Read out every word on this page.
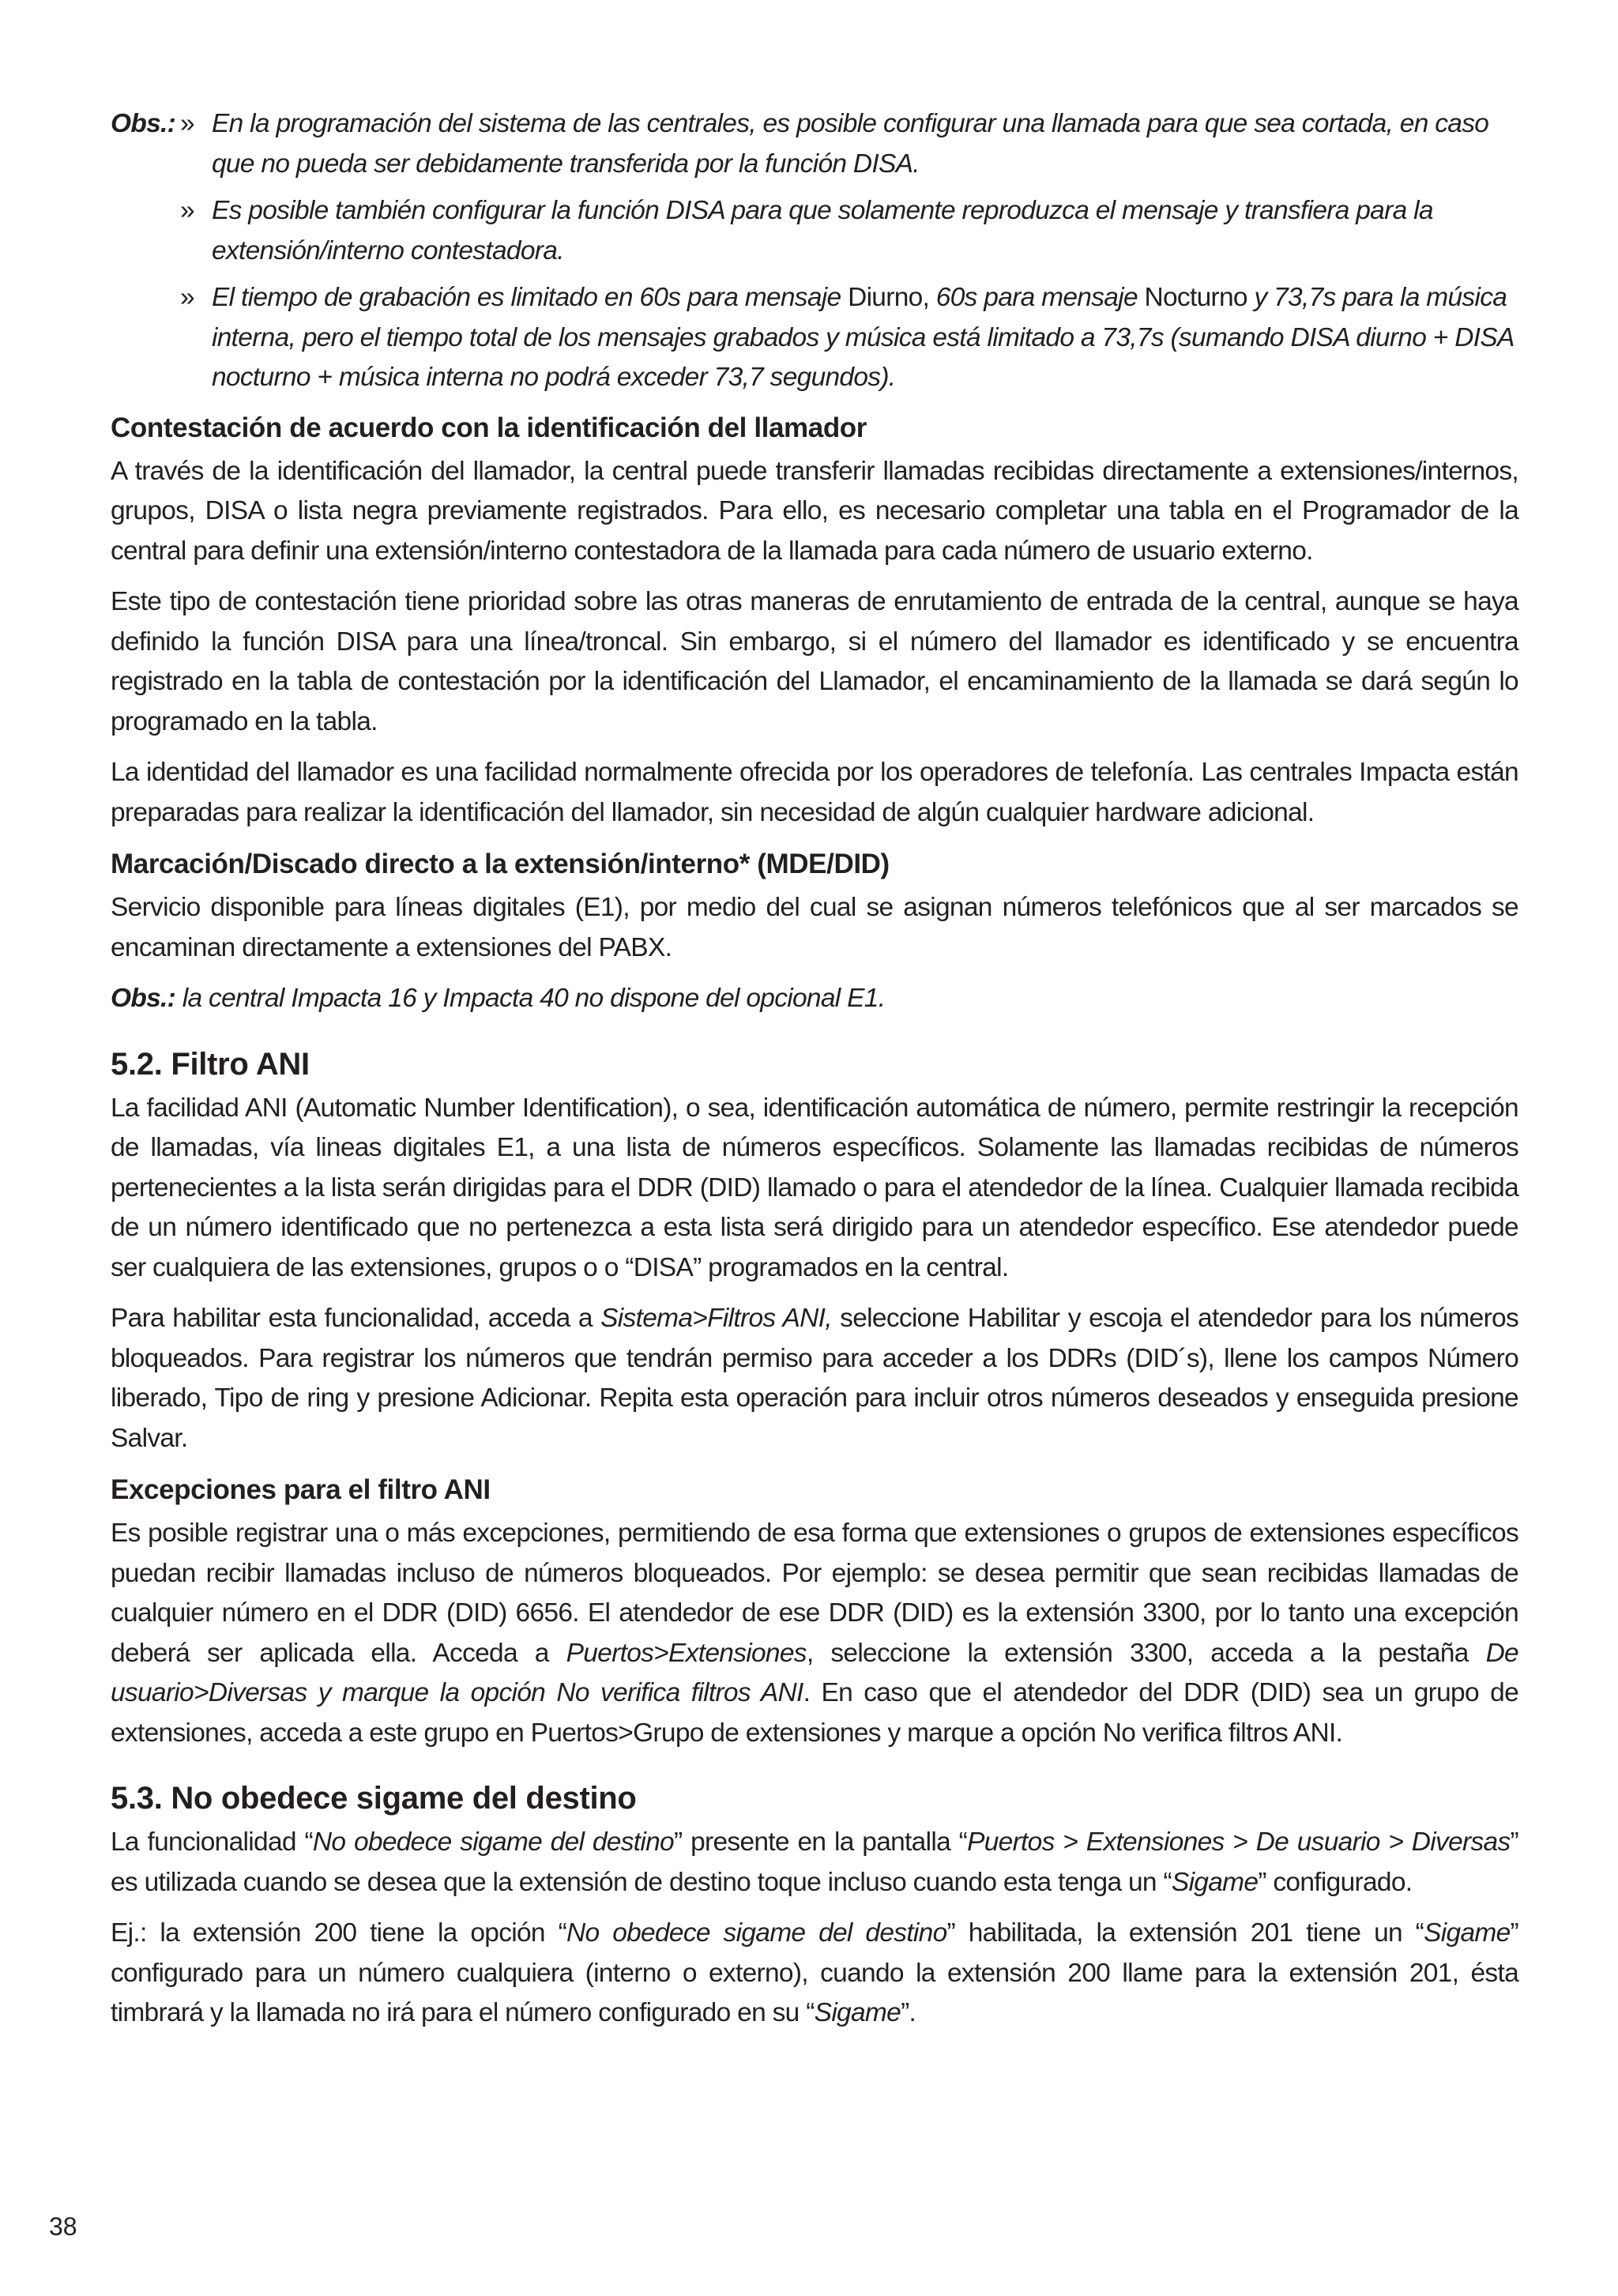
Obs.: » En la programación del sistema de las centrales, es posible configurar una llamada para que sea cortada, en caso que no pueda ser debidamente transferida por la función DISA.
» Es posible también configurar la función DISA para que solamente reproduzca el mensaje y transfiera para la extensión/interno contestadora.
» El tiempo de grabación es limitado en 60s para mensaje Diurno, 60s para mensaje Nocturno y 73,7s para la música interna, pero el tiempo total de los mensajes grabados y música está limitado a 73,7s (sumando DISA diurno + DISA nocturno + música interna no podrá exceder 73,7 segundos).
Contestación de acuerdo con la identificación del llamador

A través de la identificación del llamador, la central puede transferir llamadas recibidas directamente a extensiones/internos, grupos, DISA o lista negra previamente registrados. Para ello, es necesario completar una tabla en el Programador de la central para definir una extensión/interno contestadora de la llamada para cada número de usuario externo.

Este tipo de contestación tiene prioridad sobre las otras maneras de enrutamiento de entrada de la central, aunque se haya definido la función DISA para una línea/troncal. Sin embargo, si el número del llamador es identificado y se encuentra registrado en la tabla de contestación por la identificación del Llamador, el encaminamiento de la llamada se dará según lo programado en la tabla.

La identidad del llamador es una facilidad normalmente ofrecida por los operadores de telefonía. Las centrales Impacta están preparadas para realizar la identificación del llamador, sin necesidad de algún cualquier hardware adicional.

Marcación/Discado directo a la extensión/interno* (MDE/DID)

Servicio disponible para líneas digitales (E1), por medio del cual se asignan números telefónicos que al ser marcados se encaminan directamente a extensiones del PABX.

Obs.: la central Impacta 16 y Impacta 40 no dispone del opcional E1.

5.2. Filtro ANI

La facilidad ANI (Automatic Number Identification), o sea, identificación automática de número, permite restringir la recepción de llamadas, vía lineas digitales E1, a una lista de números específicos. Solamente las llamadas recibidas de números pertenecientes a la lista serán dirigidas para el DDR (DID) llamado o para el atendedor de la línea. Cualquier llamada recibida de un número identificado que no pertenezca a esta lista será dirigido para un atendedor específico. Ese atendedor puede ser cualquiera de las extensiones, grupos o o “DISA” programados en la central.

Para habilitar esta funcionalidad, acceda a Sistema>Filtros ANI, seleccione Habilitar y escoja el atendedor para los números bloqueados. Para registrar los números que tendrán permiso para acceder a los DDRs (DID´s), llene los campos Número liberado, Tipo de ring y presione Adicionar. Repita esta operación para incluir otros números deseados y enseguida presione Salvar.

Excepciones para el filtro ANI

Es posible registrar una o más excepciones, permitiendo de esa forma que extensiones o grupos de extensiones específicos puedan recibir llamadas incluso de números bloqueados. Por ejemplo: se desea permitir que sean recibidas llamadas de cualquier número en el DDR (DID) 6656. El atendedor de ese DDR (DID) es la extensión 3300, por lo tanto una excepción deberá ser aplicada ella. Acceda a Puertos>Extensiones, seleccione la extensión 3300, acceda a la pestaña De usuario>Diversas y marque la opción No verifica filtros ANI. En caso que el atendedor del DDR (DID) sea un grupo de extensiones, acceda a este grupo en Puertos>Grupo de extensiones y marque a opción No verifica filtros ANI.

5.3. No obedece sigame del destino

La funcionalidad “No obedece sigame del destino” presente en la pantalla “Puertos > Extensiones > De usuario > Diversas” es utilizada cuando se desea que la extensión de destino toque incluso cuando esta tenga un “Sigame” configurado.

Ej.: la extensión 200 tiene la opción “No obedece sigame del destino” habilitada, la extensión 201 tiene un “Sigame” configurado para un número cualquiera (interno o externo), cuando la extensión 200 llame para la extensión 201, ésta timbrará y la llamada no irá para el número configurado en su “Sigame”.

38
